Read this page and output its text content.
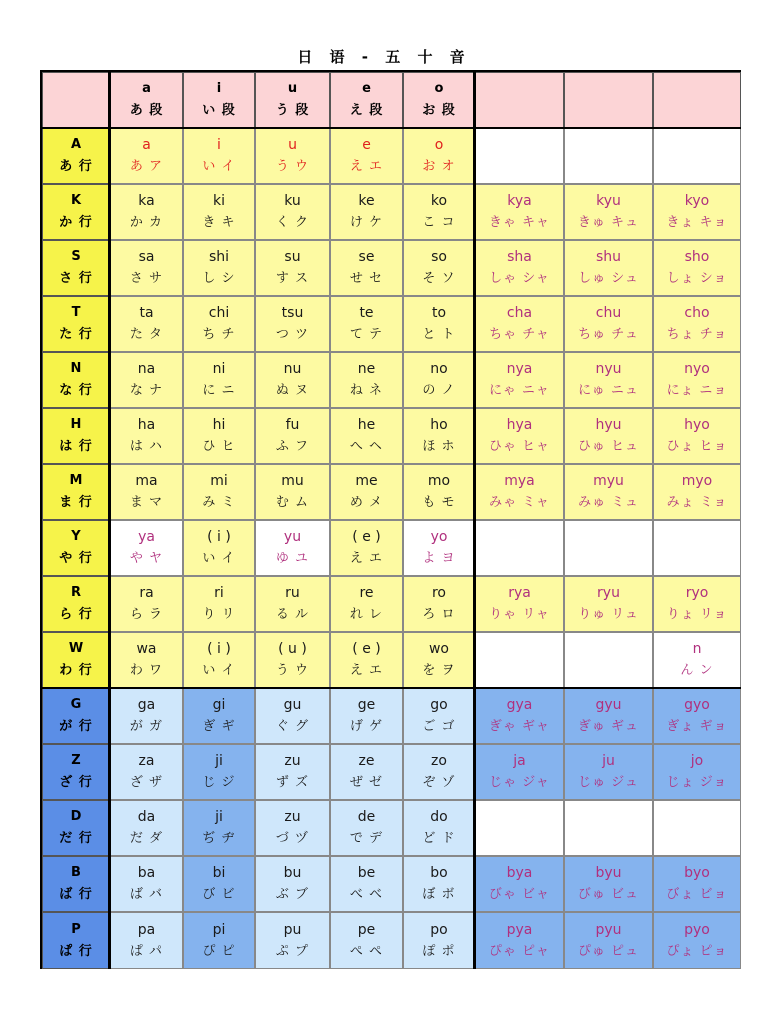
日 语 - 五 十 音
a
あ 段
i
い 段
u
う 段
e
え 段
o
お 段
A
あ 行
a
あ ア
i
い イ
u
う ウ
e
え エ
o
お オ
K
か 行
ka
か カ
ki
き キ
ku
く ク
ke
け ケ
ko
こ コ
kya
きゃ キャ
kyu
きゅ キュ
kyo
きょ キョ
S
さ 行
sa
さ サ
shi
し シ
su
す ス
se
せ セ
so
そ ソ
sha
しゃ シャ
shu
しゅ シュ
sho
しょ ショ
T
た 行
ta
た タ
chi
ち チ
tsu
つ ツ
te
て テ
to
と ト
cha
ちゃ チャ
chu
ちゅ チュ
cho
ちょ チョ
N
な 行
na
な ナ
ni
に ニ
nu
ぬ ヌ
ne
ね ネ
no
の ノ
nya
にゃ ニャ
nyu
にゅ ニュ
nyo
にょ ニョ
H
は 行
ha
は ハ
hi
ひ ヒ
fu
ふ フ
he
へ ヘ
ho
ほ ホ
hya
ひゃ ヒャ
hyu
ひゅ ヒュ
hyo
ひょ ヒョ
M
ま 行
ma
ま マ
mi
み ミ
mu
む ム
me
め メ
mo
も モ
mya
みゃ ミャ
myu
みゅ ミュ
myo
みょ ミョ
Y
や 行
ya
や ヤ
( i )
い イ
yu
ゆ ユ
( e )
え エ
yo
よ ヨ
R
ら 行
ra
ら ラ
ri
り リ
ru
る ル
re
れ レ
ro
ろ ロ
rya
りゃ リャ
ryu
りゅ リュ
ryo
りょ リョ
W
わ 行
wa
わ ワ
( i )
い イ
( u )
う ウ
( e )
え エ
wo
を ヲ
n
ん ン
G
が 行
ga
が ガ
gi
ぎ ギ
gu
ぐ グ
ge
げ ゲ
go
ご ゴ
gya
ぎゃ ギャ
gyu
ぎゅ ギュ
gyo
ぎょ ギョ
Z
ざ 行
za
ざ ザ
ji
じ ジ
zu
ず ズ
ze
ぜ ゼ
zo
ぞ ゾ
ja
じゃ ジャ
ju
じゅ ジュ
jo
じょ ジョ
D
だ 行
da
だ ダ
ji
ぢ ヂ
zu
づ ヅ
de
で デ
do
ど ド
B
ば 行
ba
ば バ
bi
び ビ
bu
ぶ ブ
be
べ ベ
bo
ぼ ボ
bya
びゃ ビャ
byu
びゅ ビュ
byo
びょ ビョ
P
ぱ 行
pa
ぱ パ
pi
ぴ ピ
pu
ぷ プ
pe
ぺ ペ
po
ぽ ポ
pya
ぴゃ ピャ
pyu
ぴゅ ピュ
pyo
ぴょ ピョ
